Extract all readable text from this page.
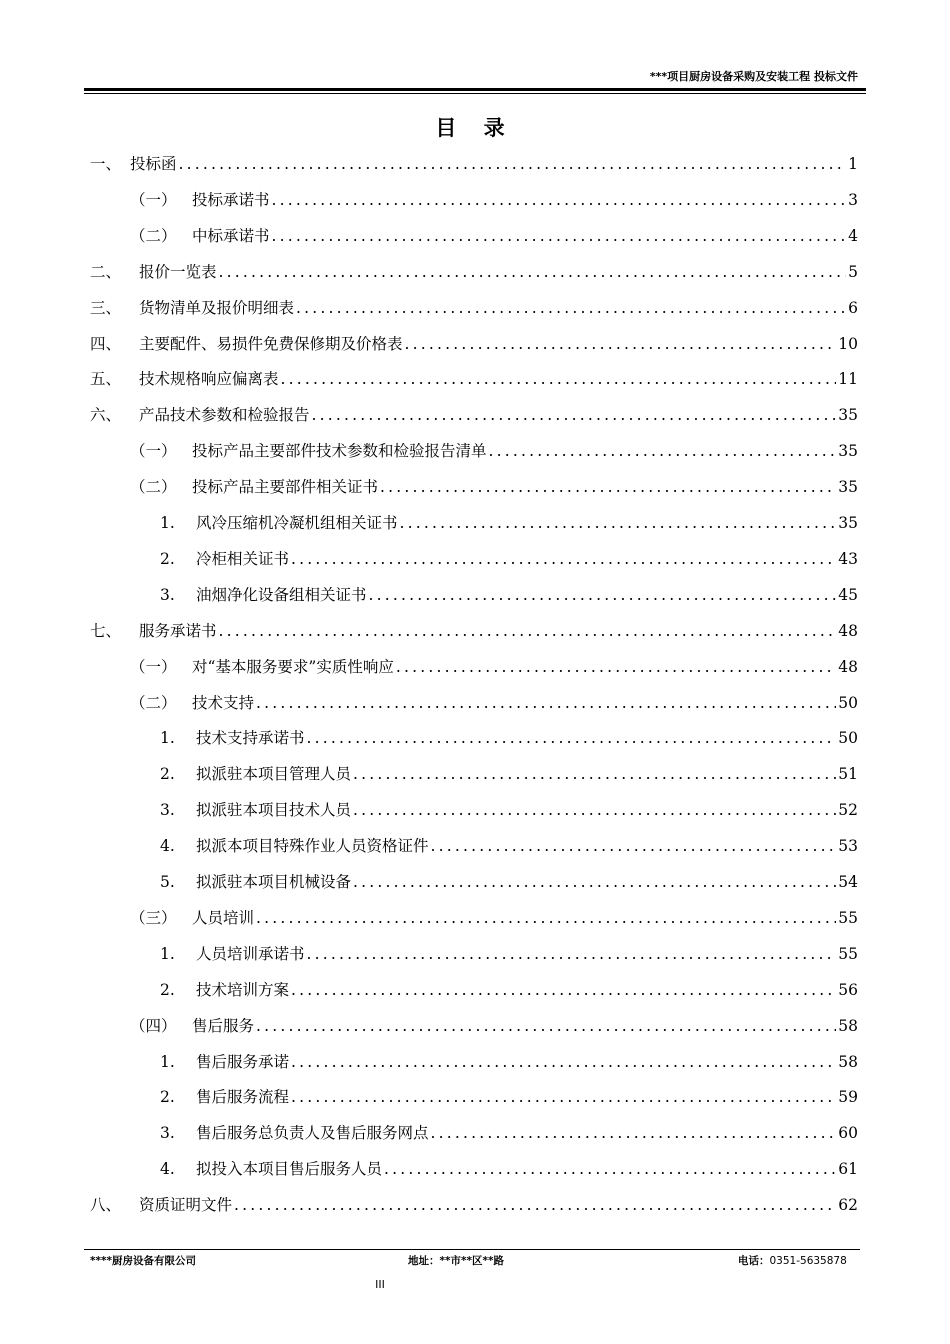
***项目厨房设备采购及安装工程 投标文件
目 录
一、 投标函 .....	1
（一） 投标承诺书 .....	3
（二） 中标承诺书 .....	4
二、 报价一览表 .....	5
三、 货物清单及报价明细表 .....	6
四、 主要配件、易损件免费保修期及价格表 .....	10
五、 技术规格响应偏离表 .....	11
六、 产品技术参数和检验报告 .....	35
（一） 投标产品主要部件技术参数和检验报告清单 .....	35
（二） 投标产品主要部件相关证书 .....	35
1. 风冷压缩机冷凝机组相关证书 .....	35
2. 冷柜相关证书 .....	43
3. 油烟净化设备组相关证书 .....	45
七、 服务承诺书 .....	48
（一） 对“基本服务要求”实质性响应 .....	48
（二） 技术支持 .....	50
1. 技术支持承诺书 .....	50
2. 拟派驻本项目管理人员 .....	51
3. 拟派驻本项目技术人员 .....	52
4. 拟派本项目特殊作业人员资格证件 .....	53
5. 拟派驻本项目机械设备 .....	54
（三） 人员培训 .....	55
1. 人员培训承诺书 .....	55
2. 技术培训方案 .....	56
（四） 售后服务 .....	58
1. 售后服务承诺 .....	58
2. 售后服务流程 .....	59
3. 售后服务总负责人及售后服务网点 .....	60
4. 拟投入本项目售后服务人员 .....	61
八、 资质证明文件 .....	62
****厨房设备有限公司	地址：**市**区**路	电话：0351-5635878
III
